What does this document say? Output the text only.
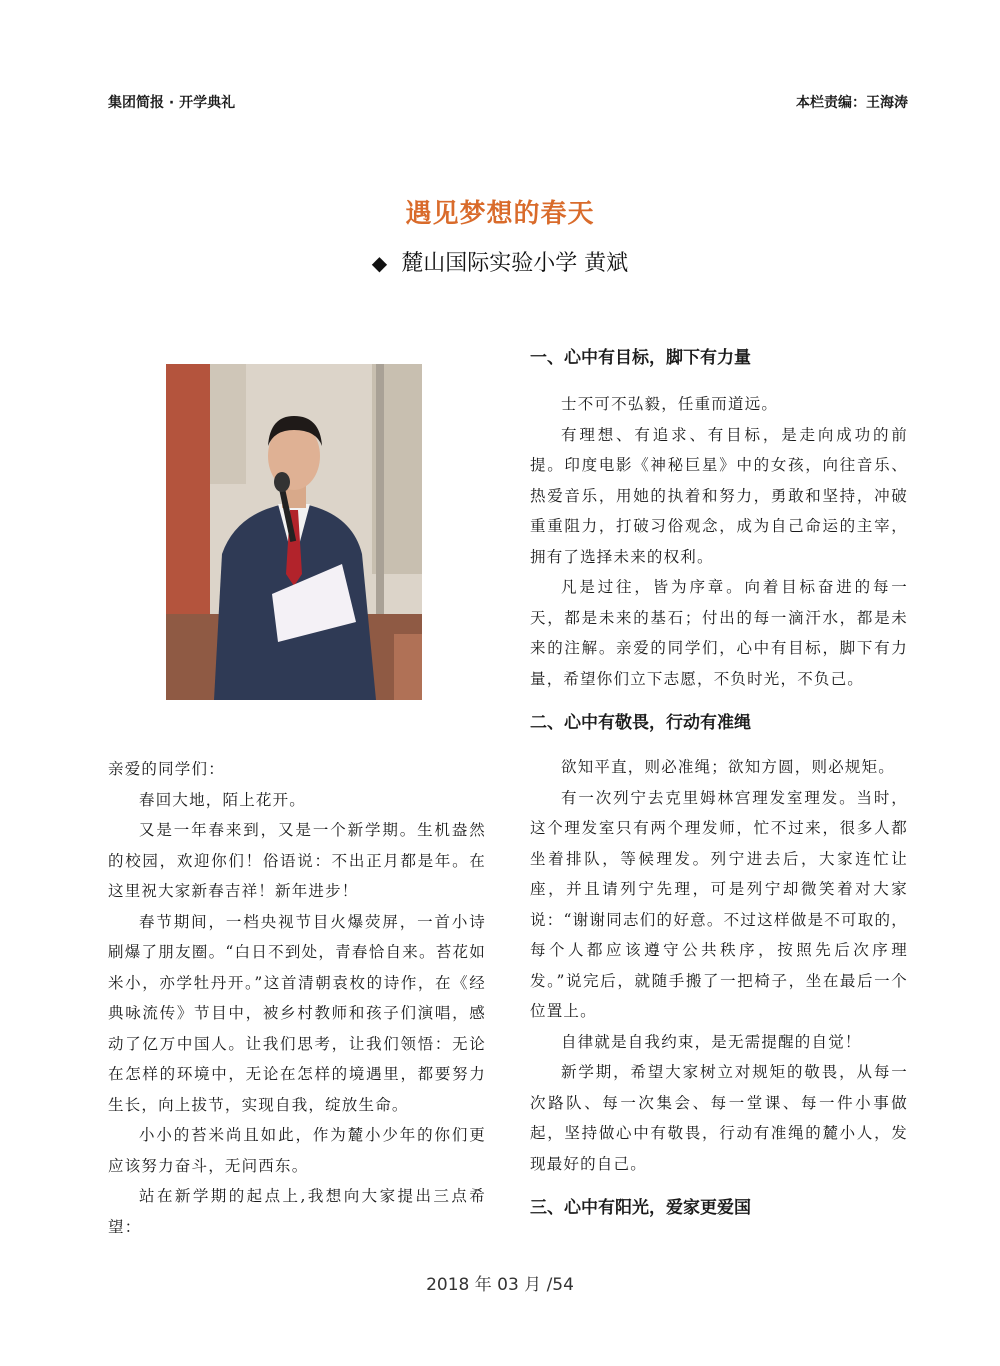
集团简报 · 开学典礼	本栏责编：王海涛
遇见梦想的春天
◆ 麓山国际实验小学 黄斌

亲爱的同学们：

春回大地，陌上花开。

又是一年春来到，又是一个新学期。生机盎然的校园，欢迎你们！俗语说：不出正月都是年。在这里祝大家新春吉祥！新年进步！

春节期间，一档央视节目火爆荧屏，一首小诗刷爆了朋友圈。“白日不到处，青春恰自来。苔花如米小，亦学牡丹开。”这首清朝袁枚的诗作，在《经典咏流传》节目中，被乡村教师和孩子们演唱，感动了亿万中国人。让我们思考，让我们领悟：无论在怎样的环境中，无论在怎样的境遇里，都要努力生长，向上拔节，实现自我，绽放生命。

小小的苔米尚且如此，作为麓小少年的你们更应该努力奋斗，无问西东。

站在新学期的起点上,我想向大家提出三点希望：

一、心中有目标，脚下有力量

士不可不弘毅，任重而道远。

有理想、有追求、有目标，是走向成功的前提。印度电影《神秘巨星》中的女孩，向往音乐、热爱音乐，用她的执着和努力，勇敢和坚持，冲破重重阻力，打破习俗观念，成为自己命运的主宰，拥有了选择未来的权利。

凡是过往，皆为序章。向着目标奋进的每一天，都是未来的基石；付出的每一滴汗水，都是未来的注解。亲爱的同学们，心中有目标，脚下有力量，希望你们立下志愿，不负时光，不负己。

二、心中有敬畏，行动有准绳

欲知平直，则必准绳；欲知方圆，则必规矩。

有一次列宁去克里姆林宫理发室理发。当时，这个理发室只有两个理发师，忙不过来，很多人都坐着排队，等候理发。列宁进去后，大家连忙让座，并且请列宁先理，可是列宁却微笑着对大家说：“谢谢同志们的好意。不过这样做是不可取的，每个人都应该遵守公共秩序，按照先后次序理发。”说完后，就随手搬了一把椅子，坐在最后一个位置上。

自律就是自我约束，是无需提醒的自觉！

新学期，希望大家树立对规矩的敬畏，从每一次路队、每一次集会、每一堂课、每一件小事做起，坚持做心中有敬畏，行动有准绳的麓小人，发现最好的自己。

三、心中有阳光，爱家更爱国
2018 年 03 月 /54
